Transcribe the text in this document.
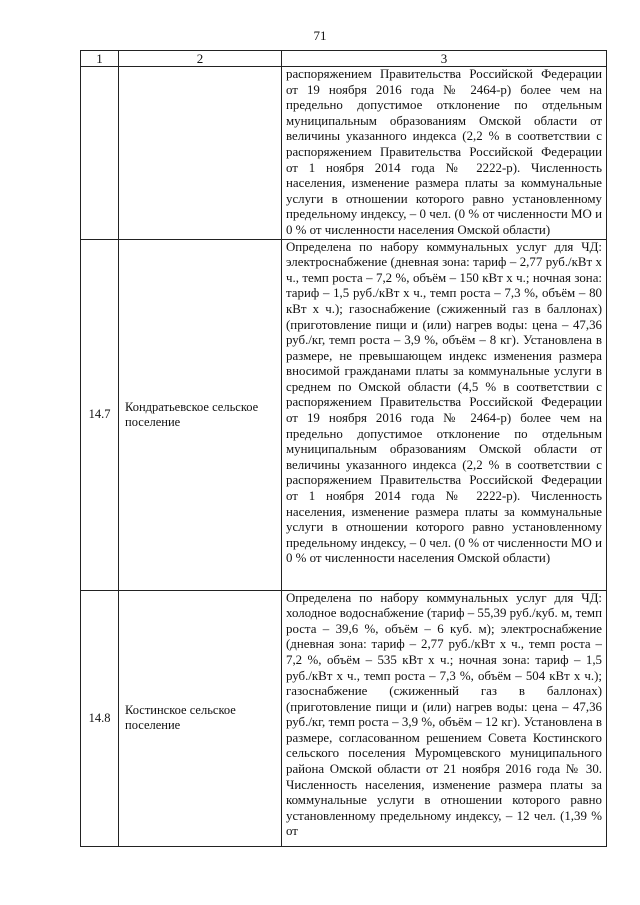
71
1	2	3
		распоряжением Правительства Российской Федерации от 19 ноября 2016 года № 2464-р) более чем на предельно допустимое отклонение по отдельным муниципальным образованиям Омской области от величины указанного индекса (2,2 % в соответствии с распоряжением Правительства Российской Федерации от 1 ноября 2014 года № 2222-р). Численность населения, изменение размера платы за коммунальные услуги в отношении которого равно установленному предельному индексу, – 0 чел. (0 % от численности МО и 0 % от численности населения Омской области)
14.7	Кондратьевское сельское поселение	Определена по набору коммунальных услуг для ЧД: электроснабжение (дневная зона: тариф – 2,77 руб./кВт х ч., темп роста – 7,2 %, объём – 150 кВт х ч.; ночная зона: тариф – 1,5 руб./кВт х ч., темп роста – 7,3 %, объём – 80 кВт х ч.); газоснабжение (сжиженный газ в баллонах) (приготовление пищи и (или) нагрев воды: цена – 47,36 руб./кг, темп роста – 3,9 %, объём – 8 кг). Установлена в размере, не превышающем индекс изменения размера вносимой гражданами платы за коммунальные услуги в среднем по Омской области (4,5 % в соответствии с распоряжением Правительства Российской Федерации от 19 ноября 2016 года № 2464-р) более чем на предельно допустимое отклонение по отдельным муниципальным образованиям Омской области от величины указанного индекса (2,2 % в соответствии с распоряжением Правительства Российской Федерации от 1 ноября 2014 года № 2222-р). Численность населения, изменение размера платы за коммунальные услуги в отношении которого равно установленному предельному индексу, – 0 чел. (0 % от численности МО и 0 % от численности населения Омской области)
14.8	Костинское сельское поселение	Определена по набору коммунальных услуг для ЧД: холодное водоснабжение (тариф – 55,39 руб./куб. м, темп роста – 39,6 %, объём – 6 куб. м); электроснабжение (дневная зона: тариф – 2,77 руб./кВт х ч., темп роста – 7,2 %, объём – 535 кВт х ч.; ночная зона: тариф – 1,5 руб./кВт х ч., темп роста – 7,3 %, объём – 504 кВт х ч.); газоснабжение (сжиженный газ в баллонах) (приготовление пищи и (или) нагрев воды: цена – 47,36 руб./кг, темп роста – 3,9 %, объём – 12 кг). Установлена в размере, согласованном решением Совета Костинского сельского поселения Муромцевского муниципального района Омской области от 21 ноября 2016 года № 30. Численность населения, изменение размера платы за коммунальные услуги в отношении которого равно установленному предельному индексу, – 12 чел. (1,39 % от
